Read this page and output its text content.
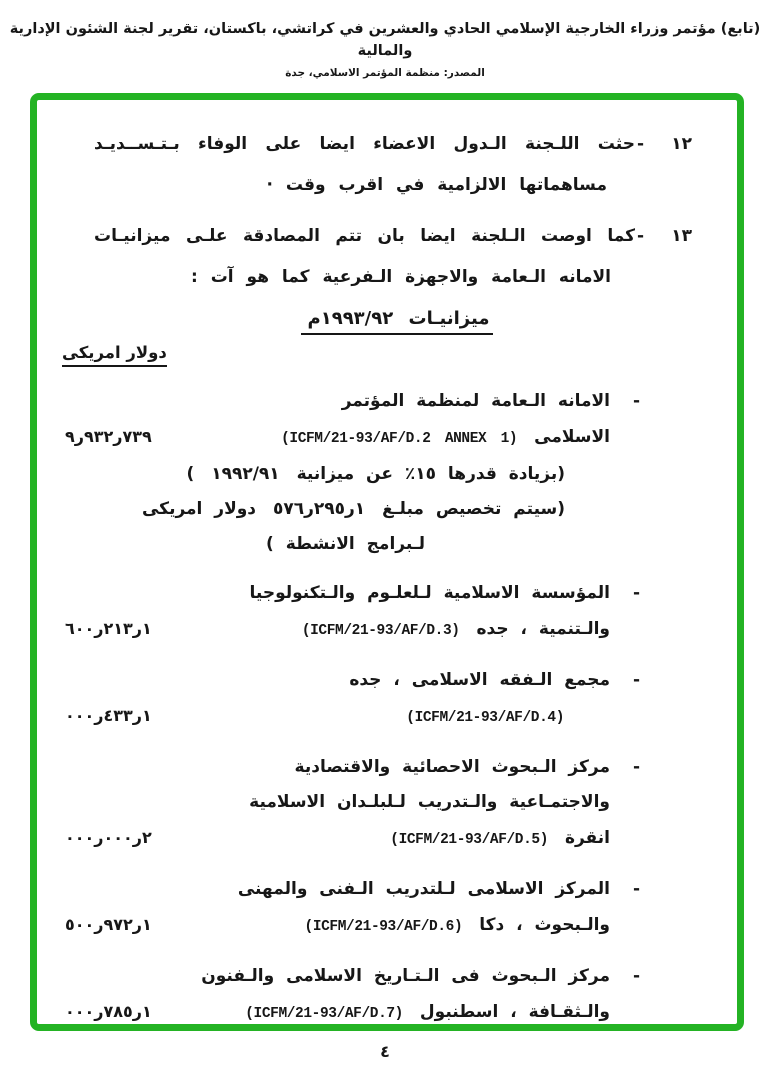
(تابع) مؤتمر وزراء الخارجية الإسلامي الحادي والعشرين في كراتشي، باكستان، تقرير لجنة الشئون الإدارية والمالية
المصدر: منظمة المؤتمر الاسلامي، جدة
١٢
-
حثت اللـجنة الـدول الاعضاء ايضا على الوفاء بـتـســديـد
مساهماتها الالزامية في اقرب وقت ·
١٣
-
كما اوصت الـلجنة ايضا بان تتم المصادقة علـى ميزانيـات
الامانه الـعامة والاجهزة الـفرعية كما هو آت :
ميزانيـات م١٩٩٣/٩٢
دولار امريكى
-
الامانه الـعامة لمنظمة المؤتمر
الاسلامى (ICFM/21-93/AF/D.2 ANNEX 1)
٩ر٩٣٢ر٧٣٩
(بزيادة قدرها ١٥٪ عن ميزانية ١٩٩٢/٩١ )
(سيتم تخصيص مبلـغ ٥٧٦ر٢٩٥ر١ دولار امريكى
لـبرامج الانشطة )
-
المؤسسة الاسلامية لـلعلـوم والـتكنولوجيا
والـتنمية ، جده (ICFM/21-93/AF/D.3)
٦٠٠ر٢١٣ر١
-
مجمع الـفقه الاسلامى ، جده
(ICFM/21-93/AF/D.4)
٠٠٠ر٤٣٣ر١
-
مركز الـبحوث الاحصائية والاقتصادية
والاجتمـاعية والـتدريب لـلبلـدان الاسلامية
انقرة (ICFM/21-93/AF/D.5)
٠٠٠ر٠٠٠ر٢
-
المركز الاسلامى لـلتدريب الـفنى والمهنى
والـبحوث ، دكا (ICFM/21-93/AF/D.6)
٥٠٠ر٩٧٢ر١
-
مركز الـبحوث فى الـتـاريخ الاسلامى والـفنون
والـثقـافة ، اسطنبول (ICFM/21-93/AF/D.7)
٠٠٠ر٧٨٥ر١
٤
